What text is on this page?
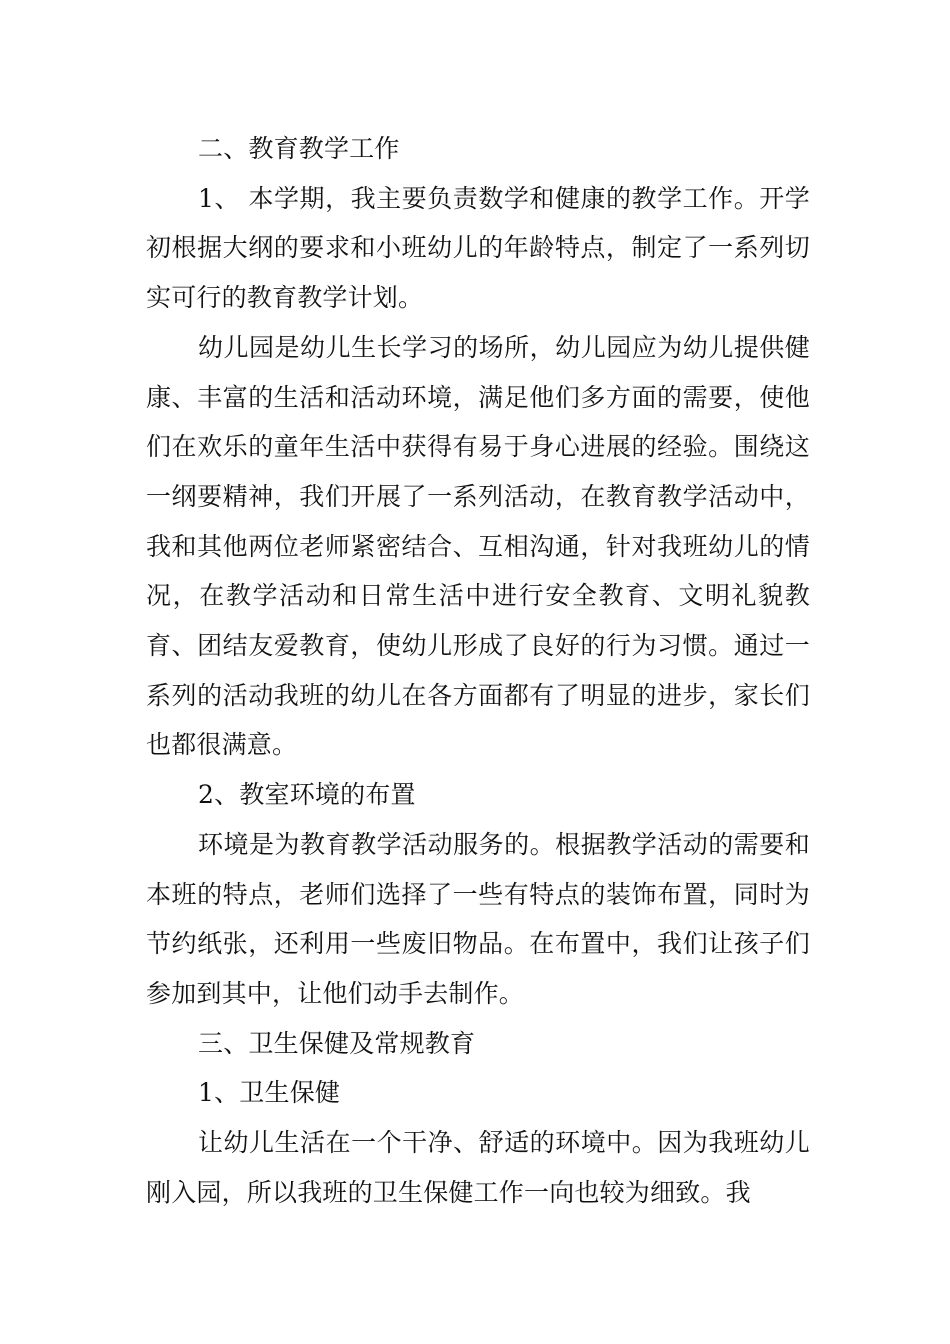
二、教育教学工作

1、 本学期，我主要负责数学和健康的教学工作。开学初根据大纲的要求和小班幼儿的年龄特点，制定了一系列切实可行的教育教学计划。

幼儿园是幼儿生长学习的场所，幼儿园应为幼儿提供健康、丰富的生活和活动环境，满足他们多方面的需要，使他们在欢乐的童年生活中获得有易于身心进展的经验。围绕这一纲要精神，我们开展了一系列活动，在教育教学活动中，我和其他两位老师紧密结合、互相沟通，针对我班幼儿的情况，在教学活动和日常生活中进行安全教育、文明礼貌教育、团结友爱教育，使幼儿形成了良好的行为习惯。通过一系列的活动我班的幼儿在各方面都有了明显的进步，家长们也都很满意。

2、教室环境的布置

环境是为教育教学活动服务的。根据教学活动的需要和本班的特点，老师们选择了一些有特点的装饰布置，同时为节约纸张，还利用一些废旧物品。在布置中，我们让孩子们参加到其中，让他们动手去制作。

三、卫生保健及常规教育

1、卫生保健

让幼儿生活在一个干净、舒适的环境中。因为我班幼儿刚入园，所以我班的卫生保健工作一向也较为细致。我
